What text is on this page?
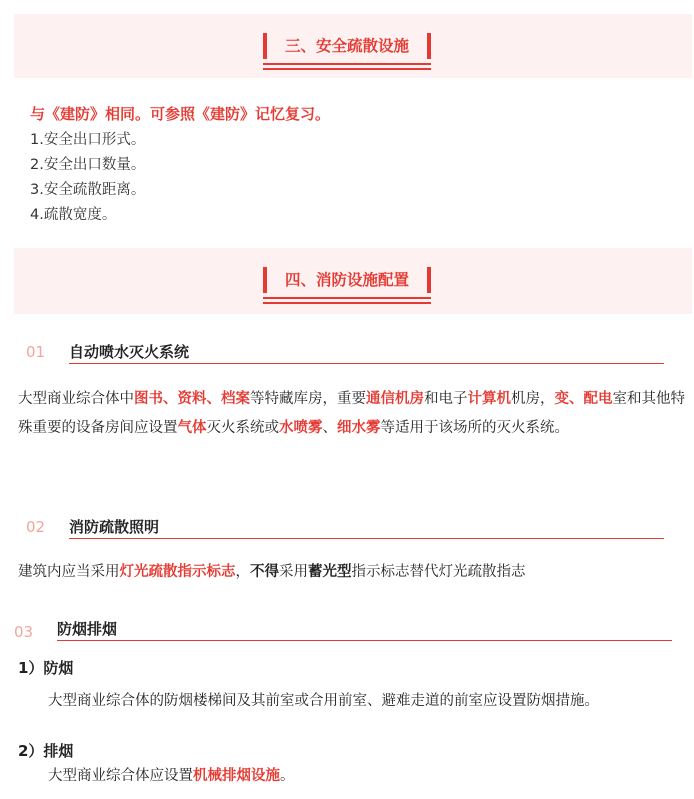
三、安全疏散设施
与《建防》相同。可参照《建防》记忆复习。
1.安全出口形式。
2.安全出口数量。
3.安全疏散距离。
4.疏散宽度。
四、消防设施配置
01 自动喷水灭火系统
大型商业综合体中图书、资料、档案等特藏库房，重要通信机房和电子计算机机房，变、配电室和其他特殊重要的设备房间应设置气体灭火系统或水喷雾、细水雾等适用于该场所的灭火系统。
02 消防疏散照明
建筑内应当采用灯光疏散指示标志，不得采用蓄光型指示标志替代灯光疏散指志
03 防烟排烟
1）防烟
大型商业综合体的防烟楼梯间及其前室或合用前室、避难走道的前室应设置防烟措施。
2）排烟
大型商业综合体应设置机械排烟设施。
